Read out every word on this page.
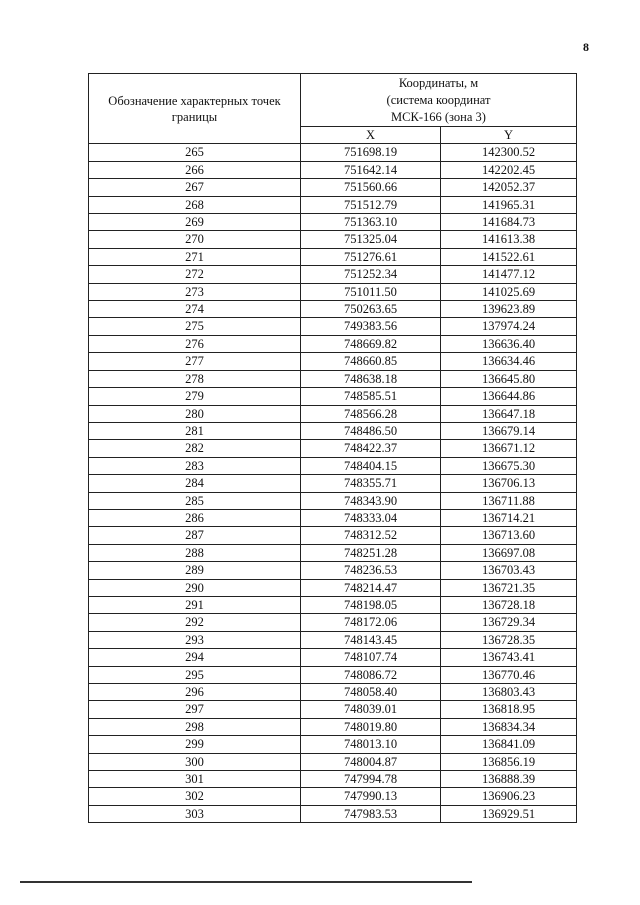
8
Обозначение характерных точек границы	Координаты, м
(система координат
МСК-166 (зона 3)	

	X	Y
265	751698.19	142300.52
266	751642.14	142202.45
267	751560.66	142052.37
268	751512.79	141965.31
269	751363.10	141684.73
270	751325.04	141613.38
271	751276.61	141522.61
272	751252.34	141477.12
273	751011.50	141025.69
274	750263.65	139623.89
275	749383.56	137974.24
276	748669.82	136636.40
277	748660.85	136634.46
278	748638.18	136645.80
279	748585.51	136644.86
280	748566.28	136647.18
281	748486.50	136679.14
282	748422.37	136671.12
283	748404.15	136675.30
284	748355.71	136706.13
285	748343.90	136711.88
286	748333.04	136714.21
287	748312.52	136713.60
288	748251.28	136697.08
289	748236.53	136703.43
290	748214.47	136721.35
291	748198.05	136728.18
292	748172.06	136729.34
293	748143.45	136728.35
294	748107.74	136743.41
295	748086.72	136770.46
296	748058.40	136803.43
297	748039.01	136818.95
298	748019.80	136834.34
299	748013.10	136841.09
300	748004.87	136856.19
301	747994.78	136888.39
302	747990.13	136906.23
303	747983.53	136929.51
